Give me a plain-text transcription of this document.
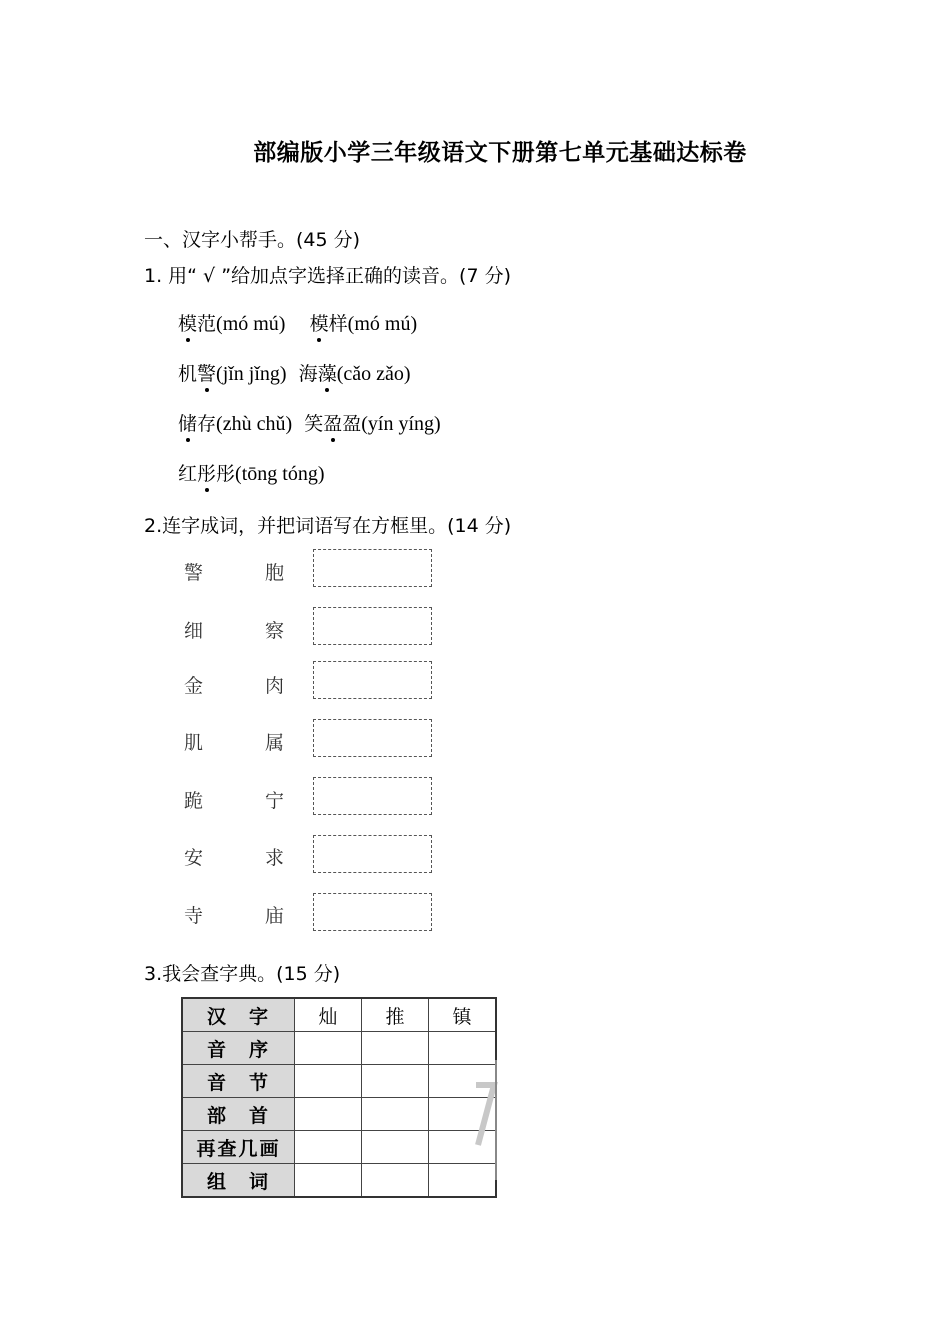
部编版小学三年级语文下册第七单元基础达标卷
一、汉字小帮手。(45 分)
1. 用“ √ ”给加点字选择正确的读音。(7 分)
模范(mó mú) 模样(mó mú)
机警(jǐn jǐng) 海藻(cǎo zǎo)
储存(zhù chǔ) 笑盈盈(yín yíng)
红彤彤(tōng tóng)
2.连字成词，并把词语写在方框里。(14 分)
警	胞
细	察
金	肉
肌	属
跪	宁
安	求
寺	庙
3.我会查字典。(15 分)
汉　字	灿	推	镇
音　序			
音　节			
部　首			
再查几画			
组　词			
